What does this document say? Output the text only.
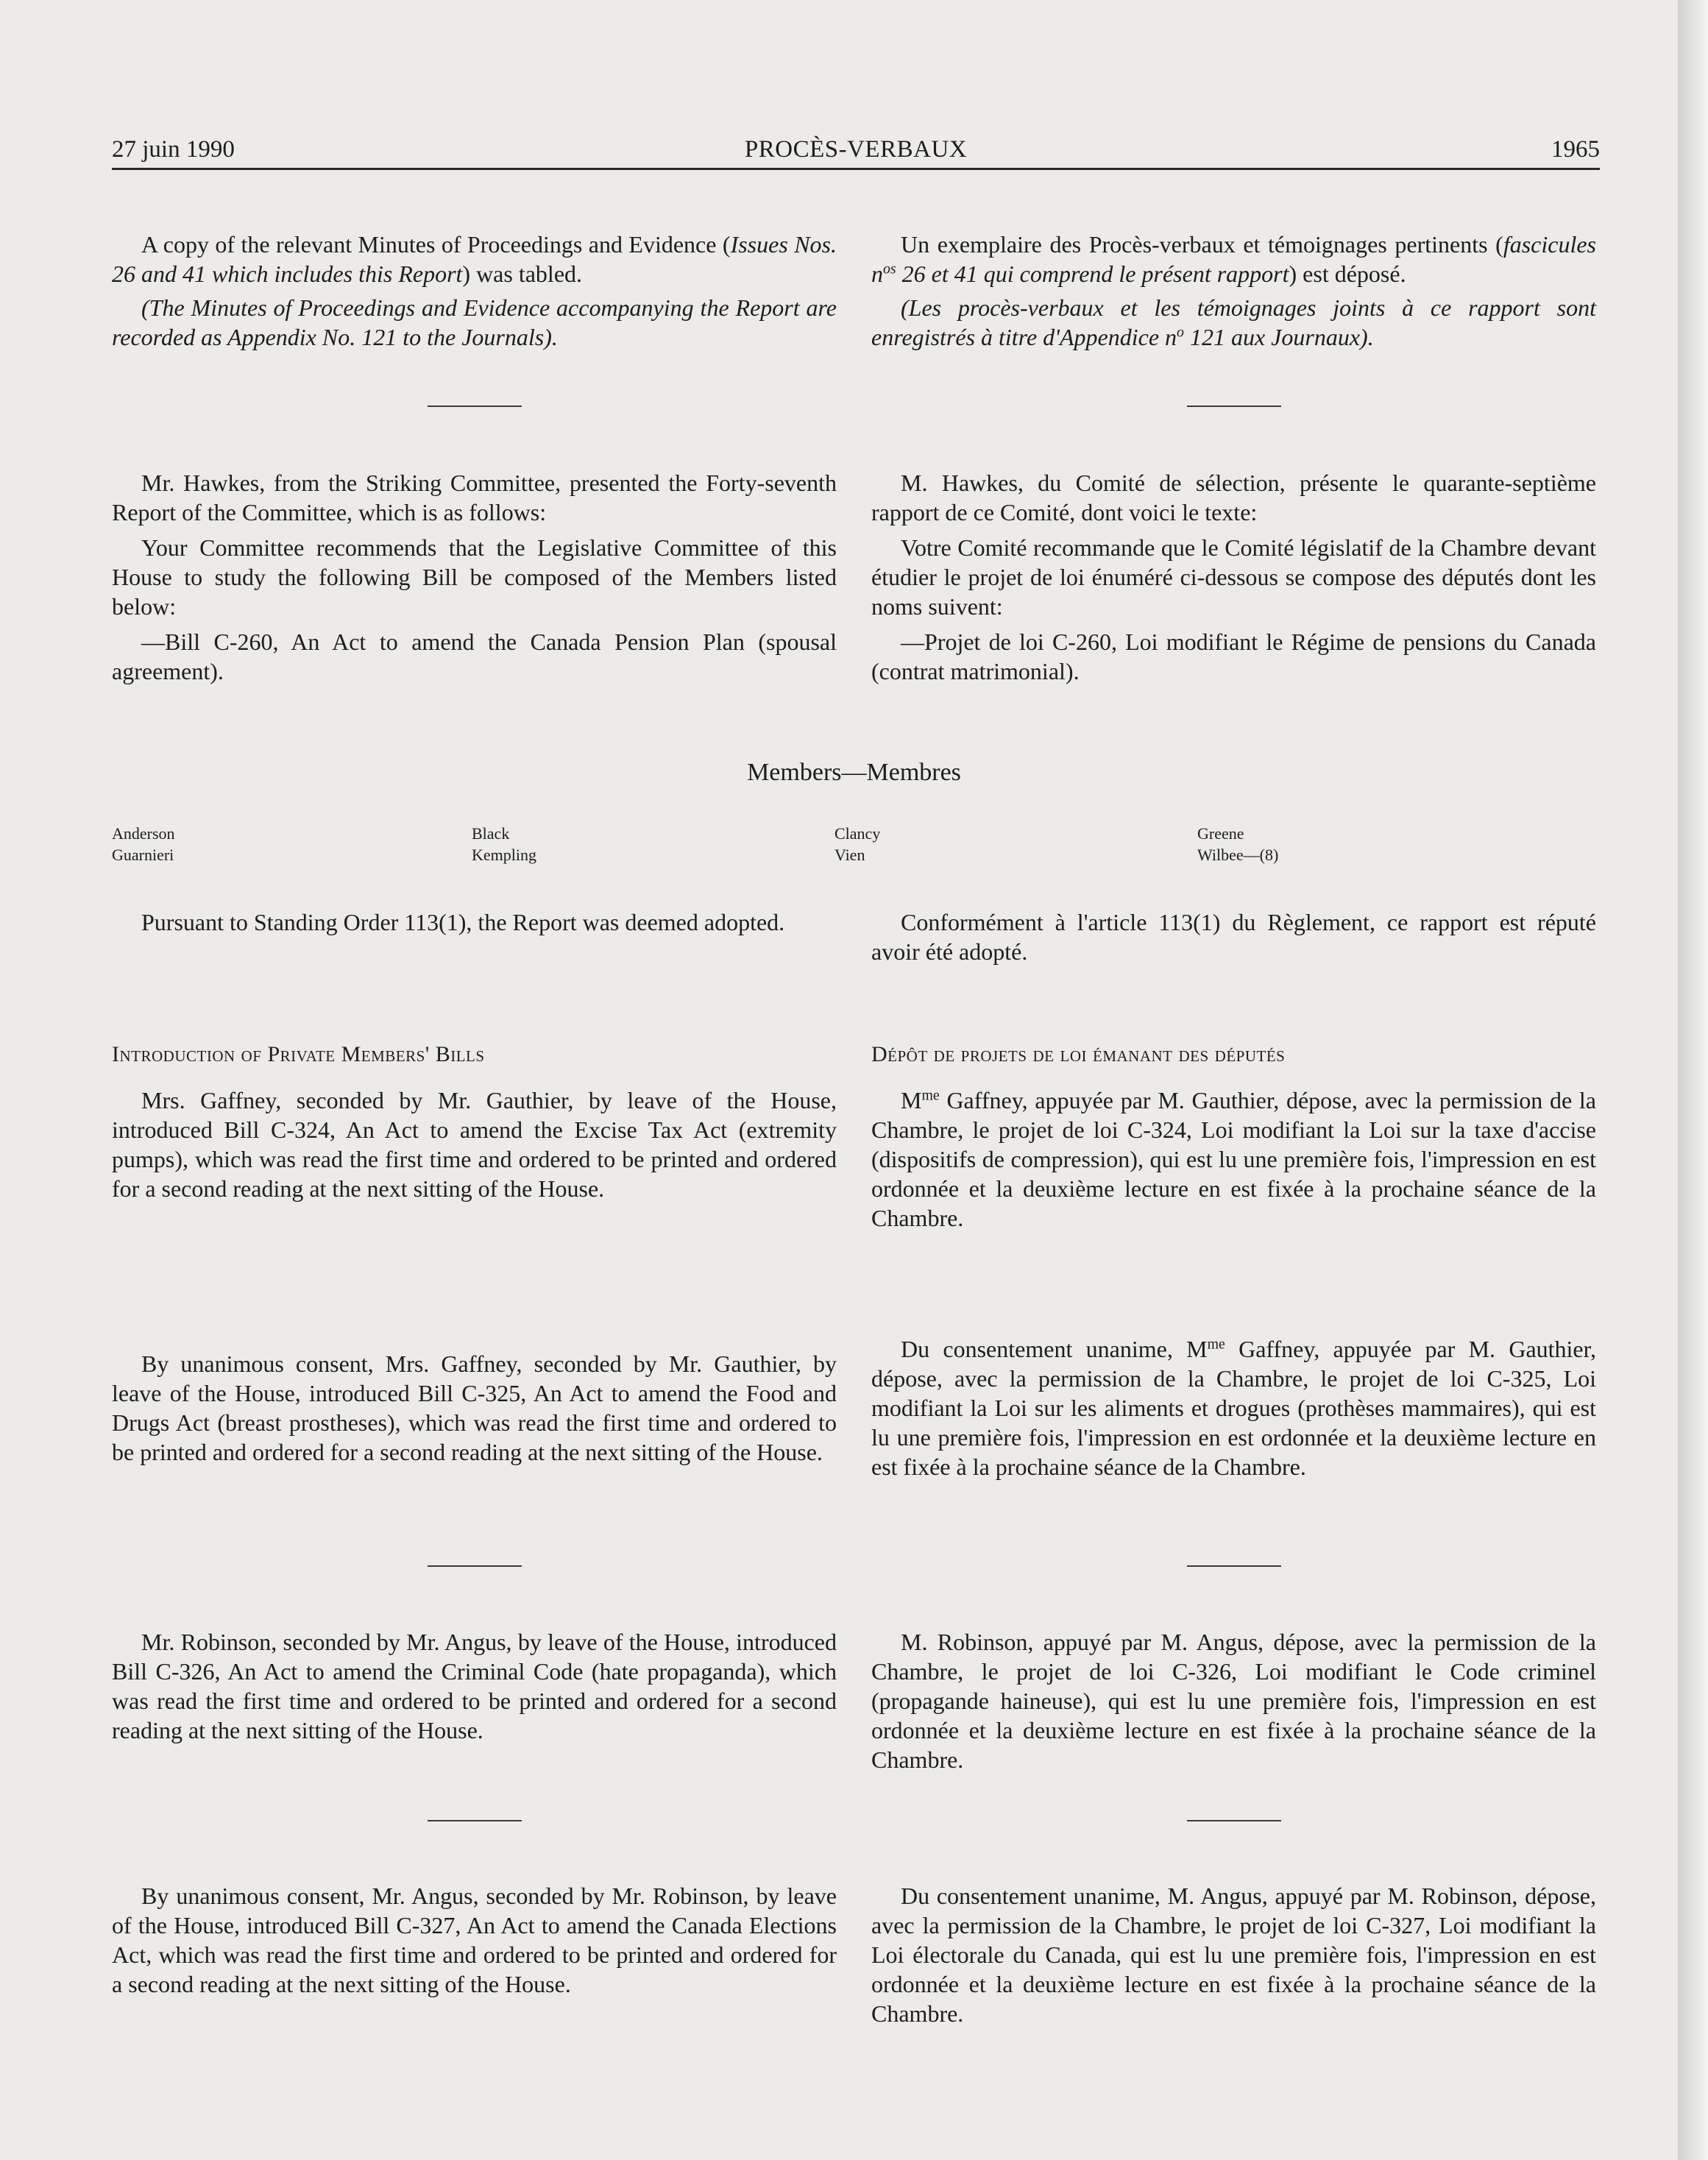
27 juin 1990	PROCÈS-VERBAUX	1965

A copy of the relevant Minutes of Proceedings and Evidence (Issues Nos. 26 and 41 which includes this Report) was tabled.

(The Minutes of Proceedings and Evidence accompanying the Report are recorded as Appendix No. 121 to the Journals).

Mr. Hawkes, from the Striking Committee, presented the Forty-seventh Report of the Committee, which is as follows:

Your Committee recommends that the Legislative Committee of this House to study the following Bill be composed of the Members listed below:

—Bill C-260, An Act to amend the Canada Pension Plan (spousal agreement).

Members—Membres
Anderson
Guarnieri
Black
Kempling
Clancy
Vien
Greene
Wilbee—(8)

Pursuant to Standing Order 113(1), the Report was deemed adopted.

Introduction of Private Members' Bills

Mrs. Gaffney, seconded by Mr. Gauthier, by leave of the House, introduced Bill C-324, An Act to amend the Excise Tax Act (extremity pumps), which was read the first time and ordered to be printed and ordered for a second reading at the next sitting of the House.

By unanimous consent, Mrs. Gaffney, seconded by Mr. Gauthier, by leave of the House, introduced Bill C-325, An Act to amend the Food and Drugs Act (breast prostheses), which was read the first time and ordered to be printed and ordered for a second reading at the next sitting of the House.

Mr. Robinson, seconded by Mr. Angus, by leave of the House, introduced Bill C-326, An Act to amend the Criminal Code (hate propaganda), which was read the first time and ordered to be printed and ordered for a second reading at the next sitting of the House.

By unanimous consent, Mr. Angus, seconded by Mr. Robinson, by leave of the House, introduced Bill C-327, An Act to amend the Canada Elections Act, which was read the first time and ordered to be printed and ordered for a second reading at the next sitting of the House.

Un exemplaire des Procès-verbaux et témoignages pertinents (fascicules $n^{os}$ 26 et 41 qui comprend le présent rapport) est déposé.

(Les procès-verbaux et les témoignages joints à ce rapport sont enregistrés à titre d'Appendice $n^o$ 121 aux Journaux).

M. Hawkes, du Comité de sélection, présente le quarante-septième rapport de ce Comité, dont voici le texte:

Votre Comité recommande que le Comité législatif de la Chambre devant étudier le projet de loi énuméré ci-dessous se compose des députés dont les noms suivent:

—Projet de loi C-260, Loi modifiant le Régime de pensions du Canada (contrat matrimonial).

Conformément à l'article 113(1) du Règlement, ce rapport est réputé avoir été adopté.

Dépôt de projets de loi émanant des députés

$M^{me}$ Gaffney, appuyée par M. Gauthier, dépose, avec la permission de la Chambre, le projet de loi C-324, Loi modifiant la Loi sur la taxe d'accise (dispositifs de compression), qui est lu une première fois, l'impression en est ordonnée et la deuxième lecture en est fixée à la prochaine séance de la Chambre.

Du consentement unanime, $M^{me}$ Gaffney, appuyée par M. Gauthier, dépose, avec la permission de la Chambre, le projet de loi C-325, Loi modifiant la Loi sur les aliments et drogues (prothèses mammaires), qui est lu une première fois, l'impression en est ordonnée et la deuxième lecture en est fixée à la prochaine séance de la Chambre.

M. Robinson, appuyé par M. Angus, dépose, avec la permission de la Chambre, le projet de loi C-326, Loi modifiant le Code criminel (propagande haineuse), qui est lu une première fois, l'impression en est ordonnée et la deuxième lecture en est fixée à la prochaine séance de la Chambre.

Du consentement unanime, M. Angus, appuyé par M. Robinson, dépose, avec la permission de la Chambre, le projet de loi C-327, Loi modifiant la Loi électorale du Canada, qui est lu une première fois, l'impression en est ordonnée et la deuxième lecture en est fixée à la prochaine séance de la Chambre.
